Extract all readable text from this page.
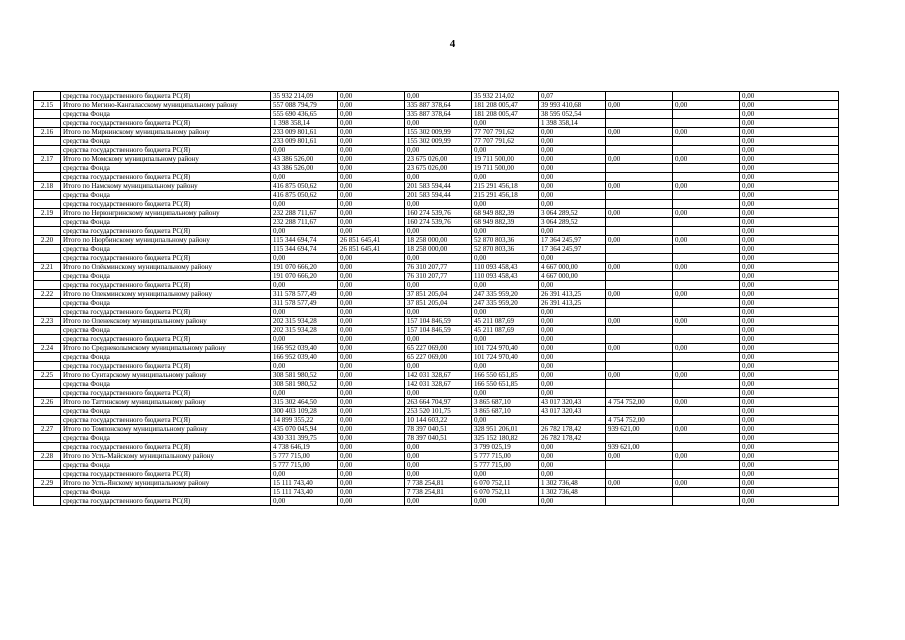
4
	средства государственного бюджета РС(Я)	35 932 214,09	0,00	0,00	35 932 214,02	0,07			0,00
2.15	Итого по Мегино-Кангаласскому муниципальному району	557 088 794,79	0,00	335 887 378,64	181 208 005,47	39 993 410,68	0,00	0,00	0,00
	средства Фонда	555 690 436,65	0,00	335 887 378,64	181 208 005,47	38 595 052,54			0,00
	средства государственного бюджета РС(Я)	1 398 358,14	0,00	0,00	0,00	1 398 358,14			0,00
2.16	Итого по Мирнинскому муниципальному району	233 009 801,61	0,00	155 302 009,99	77 707 791,62	0,00	0,00	0,00	0,00
	средства Фонда	233 009 801,61	0,00	155 302 009,99	77 707 791,62	0,00			0,00
	средства государственного бюджета РС(Я)	0,00	0,00	0,00	0,00	0,00			0,00
2.17	Итого по Момскому муниципальному району	43 386 526,00	0,00	23 675 026,00	19 711 500,00	0,00	0,00	0,00	0,00
	средства Фонда	43 386 526,00	0,00	23 675 026,00	19 711 500,00	0,00			0,00
	средства государственного бюджета РС(Я)	0,00	0,00	0,00	0,00	0,00			0,00
2.18	Итого по Намскому муниципальному району	416 875 050,62	0,00	201 583 594,44	215 291 456,18	0,00	0,00	0,00	0,00
	средства Фонда	416 875 050,62	0,00	201 583 594,44	215 291 456,18	0,00			0,00
	средства государственного бюджета РС(Я)	0,00	0,00	0,00	0,00	0,00			0,00
2.19	Итого по Нерюнгринскому муниципальному району	232 288 711,67	0,00	160 274 539,76	68 949 882,39	3 064 289,52	0,00	0,00	0,00
	средства Фонда	232 288 711,67	0,00	160 274 539,76	68 949 882,39	3 064 289,52			0,00
	средства государственного бюджета РС(Я)	0,00	0,00	0,00	0,00	0,00			0,00
2.20	Итого по Нюрбинскому муниципальному району	115 344 694,74	26 851 645,41	18 258 000,00	52 870 803,36	17 364 245,97	0,00	0,00	0,00
	средства Фонда	115 344 694,74	26 851 645,41	18 258 000,00	52 870 803,36	17 364 245,97			0,00
	средства государственного бюджета РС(Я)	0,00	0,00	0,00	0,00	0,00			0,00
2.21	Итого по Олёкминскому муниципальному району	191 070 666,20	0,00	76 310 207,77	110 093 458,43	4 667 000,00	0,00	0,00	0,00
	средства Фонда	191 070 666,20	0,00	76 310 207,77	110 093 458,43	4 667 000,00			0,00
	средства государственного бюджета РС(Я)	0,00	0,00	0,00	0,00	0,00			0,00
2.22	Итого по Олекминскому муниципальному району	311 578 577,49	0,00	37 851 205,04	247 335 959,20	26 391 413,25	0,00	0,00	0,00
	средства Фонда	311 578 577,49	0,00	37 851 205,04	247 335 959,20	26 391 413,25			0,00
	средства государственного бюджета РС(Я)	0,00	0,00	0,00	0,00	0,00			0,00
2.23	Итого по Оленекскому муниципальному району	202 315 934,28	0,00	157 104 846,59	45 211 087,69	0,00	0,00	0,00	0,00
	средства Фонда	202 315 934,28	0,00	157 104 846,59	45 211 087,69	0,00			0,00
	средства государственного бюджета РС(Я)	0,00	0,00	0,00	0,00	0,00			0,00
2.24	Итого по Среднеколымскому муниципальному району	166 952 039,40	0,00	65 227 069,00	101 724 970,40	0,00	0,00	0,00	0,00
	средства Фонда	166 952 039,40	0,00	65 227 069,00	101 724 970,40	0,00			0,00
	средства государственного бюджета РС(Я)	0,00	0,00	0,00	0,00	0,00			0,00
2.25	Итого по Сунтарскому муниципальному району	308 581 980,52	0,00	142 031 328,67	166 550 651,85	0,00	0,00	0,00	0,00
	средства Фонда	308 581 980,52	0,00	142 031 328,67	166 550 651,85	0,00			0,00
	средства государственного бюджета РС(Я)	0,00	0,00	0,00	0,00	0,00			0,00
2.26	Итого по Таттинскому муниципальному району	315 302 464,50	0,00	263 664 704,97	3 865 687,10	43 017 320,43	4 754 752,00	0,00	0,00
	средства Фонда	300 403 109,28	0,00	253 520 101,75	3 865 687,10	43 017 320,43			0,00
	средства государственного бюджета РС(Я)	14 899 355,22	0,00	10 144 603,22	0,00		4 754 752,00		0,00
2.27	Итого по Томпонскому муниципальному району	435 070 045,94	0,00	78 397 040,51	328 951 206,01	26 782 178,42	939 621,00	0,00	0,00
	средства Фонда	430 331 399,75	0,00	78 397 040,51	325 152 180,82	26 782 178,42			0,00
	средства государственного бюджета РС(Я)	4 738 646,19	0,00	0,00	3 799 025,19	0,00	939 621,00		0,00
2.28	Итого по Усть-Майскому муниципальному району	5 777 715,00	0,00	0,00	5 777 715,00	0,00	0,00	0,00	0,00
	средства Фонда	5 777 715,00	0,00	0,00	5 777 715,00	0,00			0,00
	средства государственного бюджета РС(Я)	0,00	0,00	0,00	0,00	0,00			0,00
2.29	Итого по Усть-Янскому муниципальному району	15 111 743,40	0,00	7 738 254,81	6 070 752,11	1 302 736,48	0,00	0,00	0,00
	средства Фонда	15 111 743,40	0,00	7 738 254,81	6 070 752,11	1 302 736,48			0,00
	средства государственного бюджета РС(Я)	0,00	0,00	0,00	0,00	0,00			0,00
